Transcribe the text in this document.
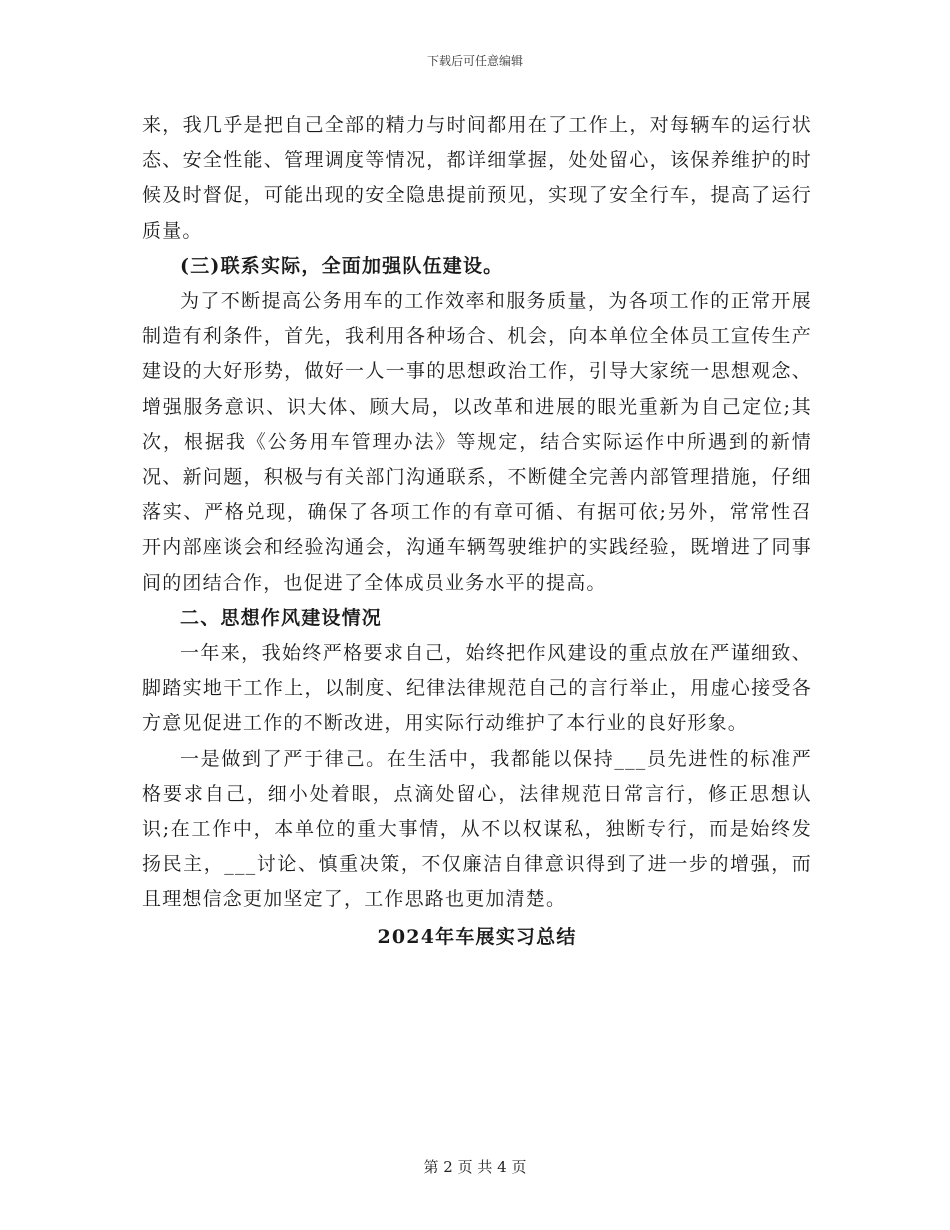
下载后可任意编辑

来，我几乎是把自己全部的精力与时间都用在了工作上，对每辆车的运行状态、安全性能、管理调度等情况，都详细掌握，处处留心，该保养维护的时候及时督促，可能出现的安全隐患提前预见，实现了安全行车，提高了运行质量。

(三)联系实际，全面加强队伍建设。

为了不断提高公务用车的工作效率和服务质量，为各项工作的正常开展制造有利条件，首先，我利用各种场合、机会，向本单位全体员工宣传生产建设的大好形势，做好一人一事的思想政治工作，引导大家统一思想观念、增强服务意识、识大体、顾大局，以改革和进展的眼光重新为自己定位;其次，根据我《公务用车管理办法》等规定，结合实际运作中所遇到的新情况、新问题，积极与有关部门沟通联系，不断健全完善内部管理措施，仔细落实、严格兑现，确保了各项工作的有章可循、有据可依;另外，常常性召开内部座谈会和经验沟通会，沟通车辆驾驶维护的实践经验，既增进了同事间的团结合作，也促进了全体成员业务水平的提高。

二、思想作风建设情况

一年来，我始终严格要求自己，始终把作风建设的重点放在严谨细致、脚踏实地干工作上，以制度、纪律法律规范自己的言行举止，用虚心接受各方意见促进工作的不断改进，用实际行动维护了本行业的良好形象。

一是做到了严于律己。在生活中，我都能以保持___员先进性的标准严格要求自己，细小处着眼，点滴处留心，法律规范日常言行，修正思想认识;在工作中，本单位的重大事情，从不以权谋私，独断专行，而是始终发扬民主，___讨论、慎重决策，不仅廉洁自律意识得到了进一步的增强，而且理想信念更加坚定了，工作思路也更加清楚。

2024年车展实习总结

第 2 页 共 4 页
